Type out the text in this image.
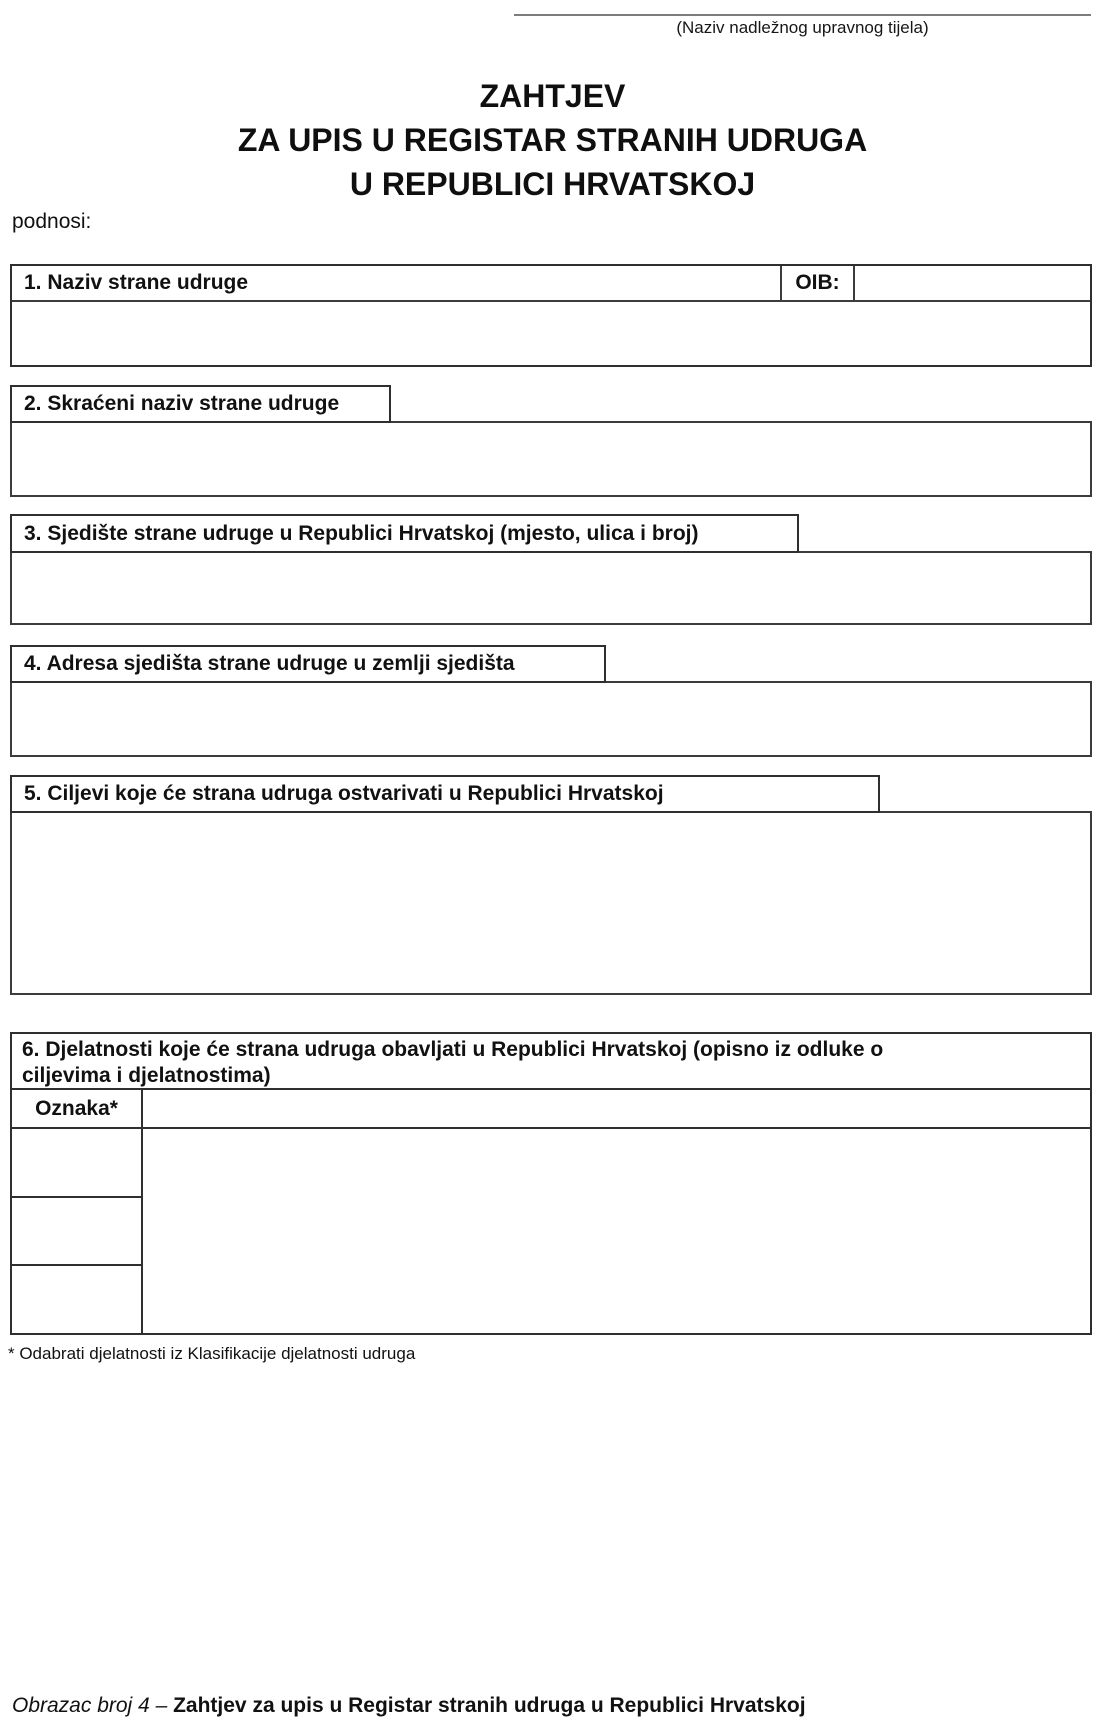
(Naziv nadležnog upravnog tijela)
ZAHTJEV
ZA UPIS U REGISTAR STRANIH UDRUGA
U REPUBLICI HRVATSKOJ
podnosi:
1. Naziv strane udruge	OIB:
2. Skraćeni naziv strane udruge
3. Sjedište strane udruge u Republici Hrvatskoj (mjesto, ulica i broj)
4. Adresa sjedišta strane udruge u zemlji sjedišta
5. Ciljevi koje će strana udruga ostvarivati u Republici Hrvatskoj
6. Djelatnosti koje će strana udruga obavljati u Republici Hrvatskoj (opisno iz odluke o
ciljevima i djelatnostima)
Oznaka*
* Odabrati djelatnosti iz Klasifikacije djelatnosti udruga
Obrazac broj 4 – Zahtjev za upis u Registar stranih udruga u Republici Hrvatskoj
